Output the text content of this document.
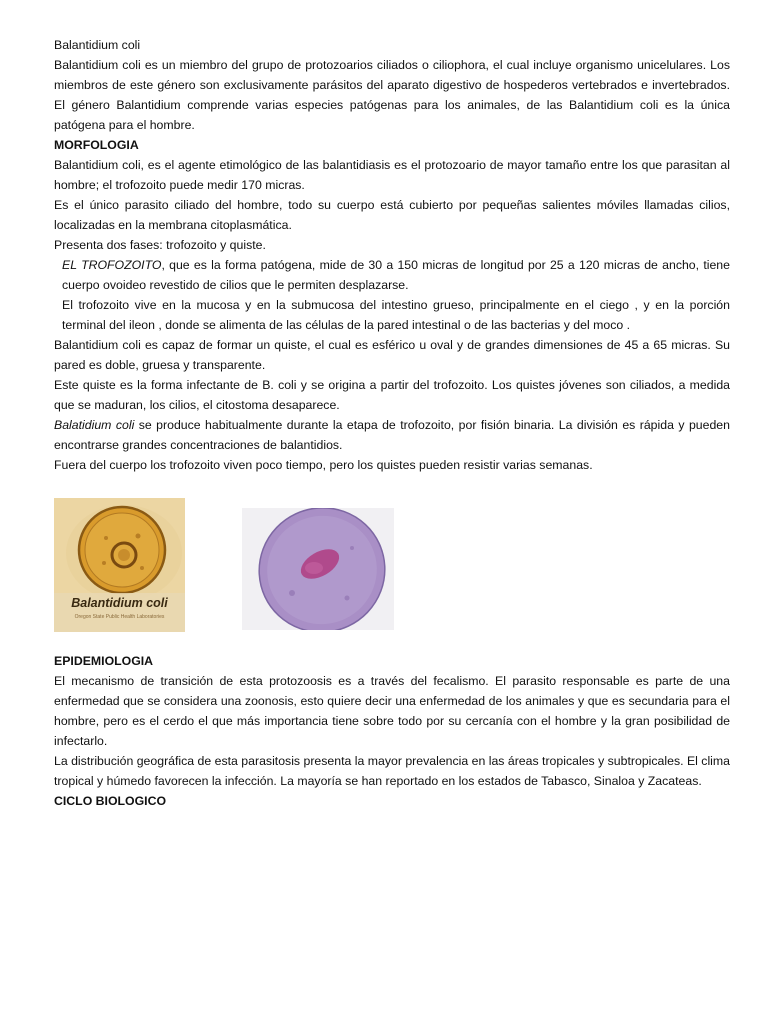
Balantidium coli

Balantidium coli es un miembro del grupo de protozoarios ciliados o ciliophora, el cual incluye organismo unicelulares. Los miembros de este género son exclusivamente parásitos del aparato digestivo de hospederos vertebrados e invertebrados. El género Balantidium comprende varias especies patógenas para los animales, de las Balantidium coli es la única patógena para el hombre.

MORFOLOGIA

Balantidium coli, es el agente etimológico de las balantidiasis es el protozoario de mayor tamaño entre los que parasitan al hombre; el trofozoito puede medir 170 micras.

Es el único parasito ciliado del hombre, todo su cuerpo está cubierto por pequeñas salientes móviles llamadas cilios, localizadas en la membrana citoplasmática.

Presenta dos fases: trofozoito y quiste.

EL TROFOZOITO, que es la forma patógena, mide de 30 a 150 micras de longitud por 25 a 120 micras de ancho, tiene cuerpo ovoideo revestido de cilios que le permiten desplazarse.

El trofozoito vive en la mucosa y en la submucosa del intestino grueso, principalmente en el ciego , y en la porción terminal del ileon , donde se alimenta de las células de la pared intestinal o de las bacterias y del moco .

Balantidium coli es capaz de formar un quiste, el cual es esférico u oval y de grandes dimensiones de 45 a 65 micras. Su pared es doble, gruesa y transparente.

Este quiste es la forma infectante de B. coli y se origina a partir del trofozoito. Los quistes jóvenes son ciliados, a medida que se maduran, los cilios, el citostoma desaparece.

Balatidium coli se produce habitualmente durante la etapa de trofozoito, por fisión binaria. La división es rápida y pueden encontrarse grandes concentraciones de balantidios.

Fuera del cuerpo los trofozoito viven poco tiempo, pero los quistes pueden resistir varias semanas.

Balantidium coli
Oregon State Public Health Laboratories

EPIDEMIOLOGIA

El mecanismo de transición de esta protozoosis es a través del fecalismo. El parasito responsable es parte de una enfermedad que se considera una zoonosis, esto quiere decir una enfermedad de los animales y que es secundaria para el hombre, pero es el cerdo el que más importancia tiene sobre todo por su cercanía con el hombre y la gran posibilidad de infectarlo.

La distribución geográfica de esta parasitosis presenta la mayor prevalencia en las áreas tropicales y subtropicales. El clima tropical y húmedo favorecen la infección. La mayoría se han reportado en los estados de Tabasco, Sinaloa y Zacateas.

CICLO BIOLOGICO
